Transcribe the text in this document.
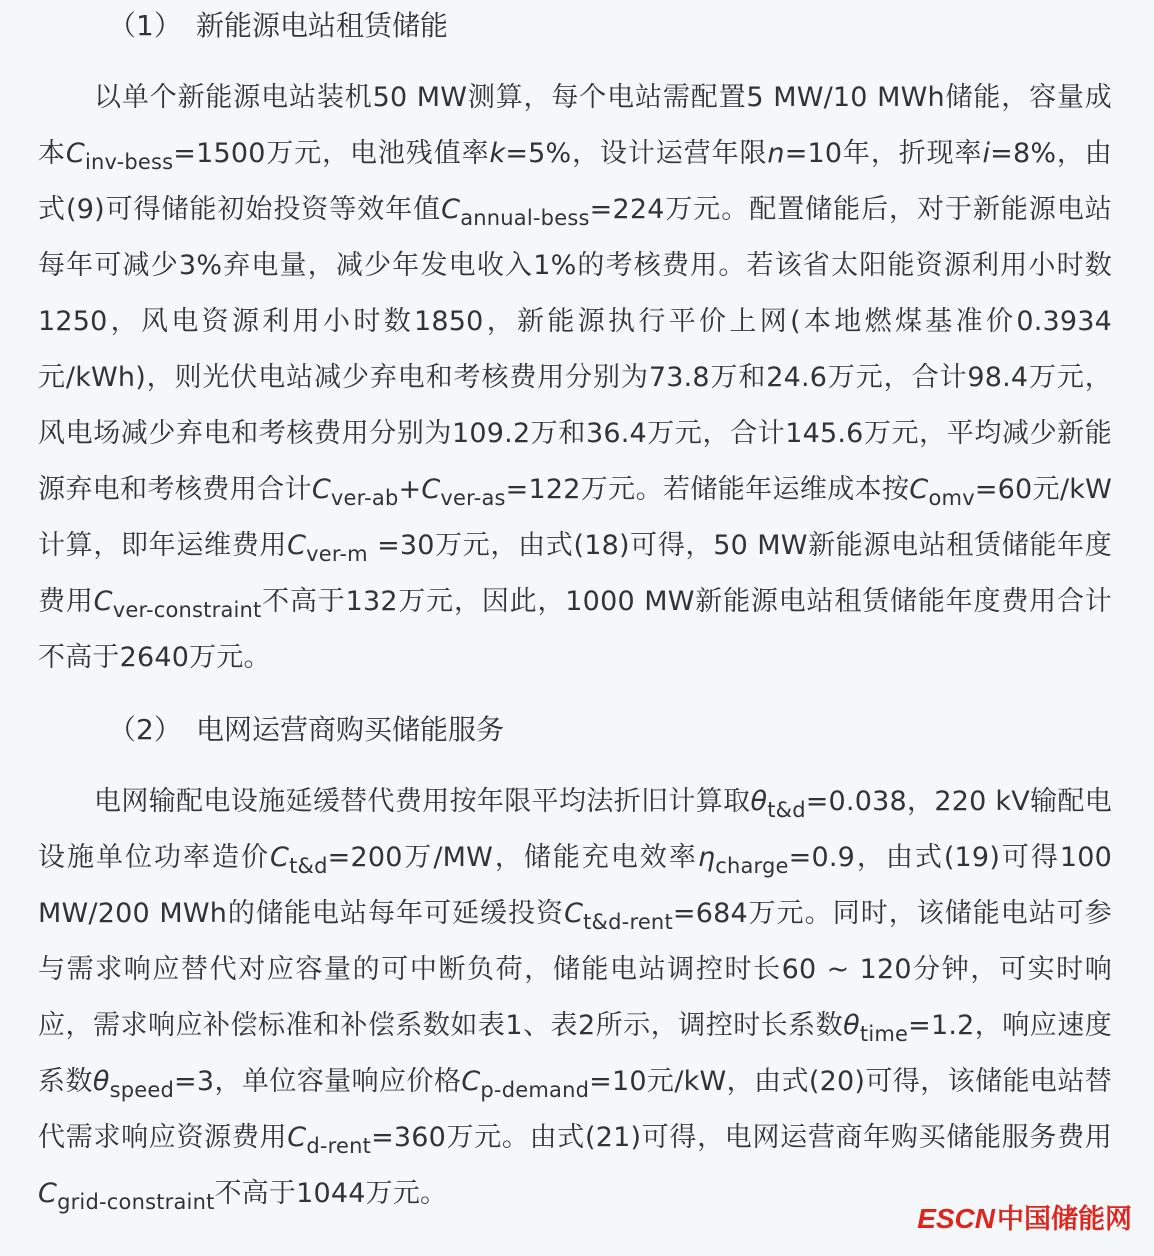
（1） 新能源电站租赁储能

以单个新能源电站装机50 MW测算，每个电站需配置5 MW/10 MWh储能，容量成本$C_{inv-bess}=1500$万元，电池残值率k=5%，设计运营年限n=10年，折现率i=8%，由式(9)可得储能初始投资等效年值$C_{annual-bess}=224$万元。配置储能后，对于新能源电站每年可减少3%弃电量，减少年发电收入1%的考核费用。若该省太阳能资源利用小时数1250，风电资源利用小时数1850，新能源执行平价上网(本地燃煤基准价0.3934元/kWh)，则光伏电站减少弃电和考核费用分别为73.8万和24.6万元，合计98.4万元，风电场减少弃电和考核费用分别为109.2万和36.4万元，合计145.6万元，平均减少新能源弃电和考核费用合计$C_{ver-ab}+C_{ver-as}=122$万元。若储能年运维成本按$C_{omv}=60$元/kW计算，即年运维费用$C_{ver-m} =30$万元，由式(18)可得，50 MW新能源电站租赁储能年度费用$C_{ver-constraint}$不高于132万元，因此，1000 MW新能源电站租赁储能年度费用合计不高于2640万元。

（2） 电网运营商购买储能服务

电网输配电设施延缓替代费用按年限平均法折旧计算取$\theta_{t\&d}=0.038$，220 kV输配电设施单位功率造价$C_{t\&d}=200$万/MW，储能充电效率$\eta_{charge}=0.9$，由式(19)可得100 MW/200 MWh的储能电站每年可延缓投资$C_{t\&d-rent}=684$万元。同时，该储能电站可参与需求响应替代对应容量的可中断负荷，储能电站调控时长60 ~ 120分钟，可实时响应，需求响应补偿标准和补偿系数如表1、表2所示，调控时长系数$\theta_{time}=1.2$，响应速度系数$\theta_{speed}=3$，单位容量响应价格$C_{p-demand}=10$元/kW，由式(20)可得，该储能电站替代需求响应资源费用$C_{d-rent}=360$万元。由式(21)可得，电网运营商年购买储能服务费用$C_{grid-constraint}$不高于1044万元。

ESCN中国储能网
